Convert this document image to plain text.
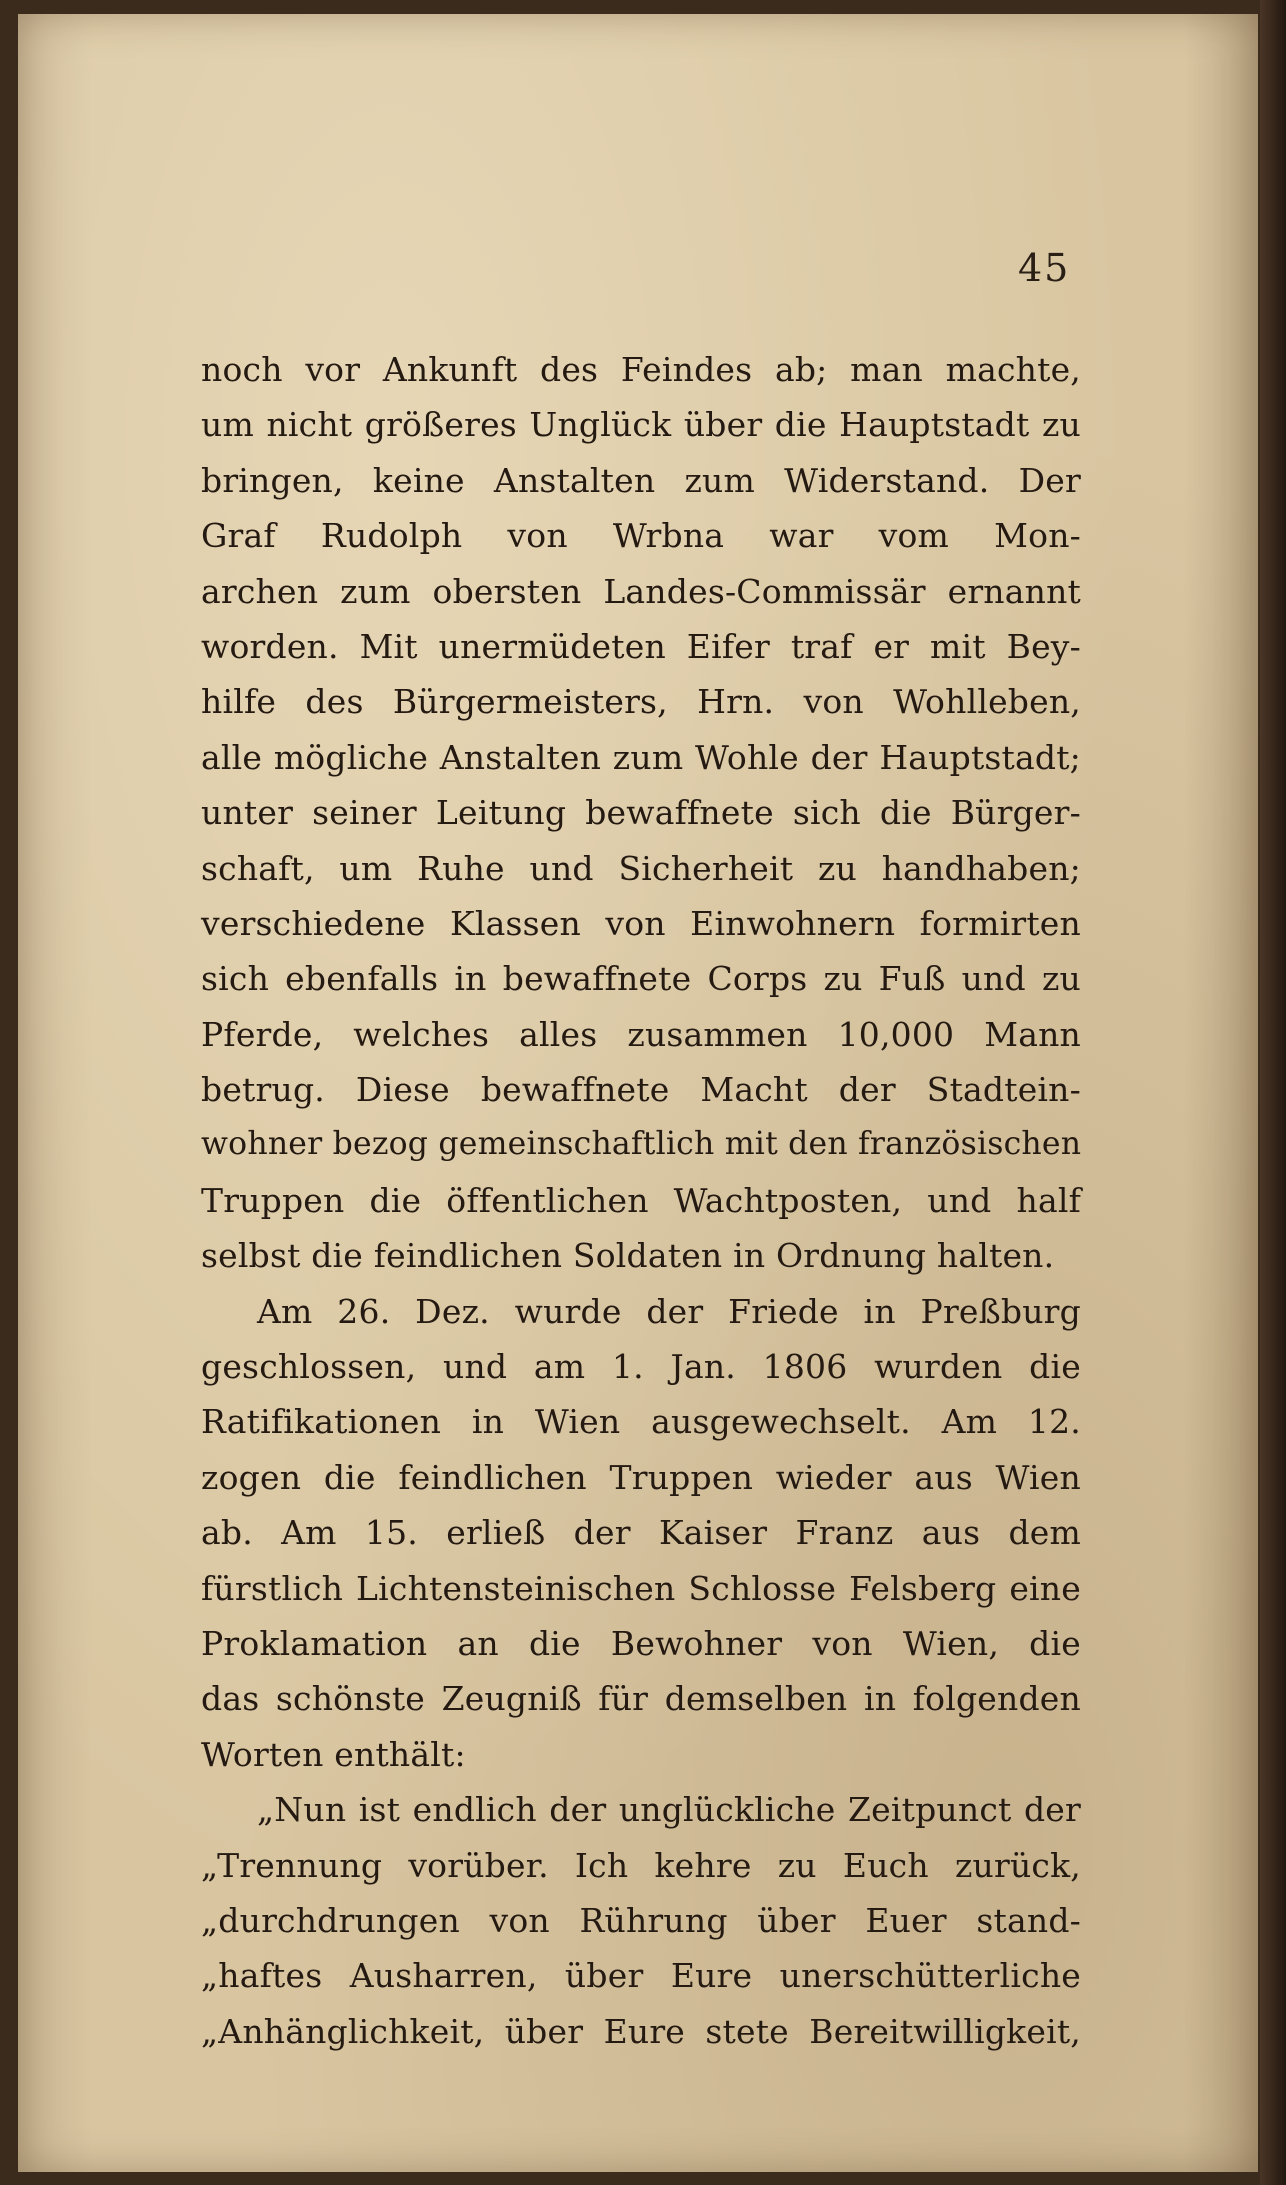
45
noch vor Ankunft des Feindes ab; man machte,
um nicht größeres Unglück über die Hauptstadt zu
bringen, keine Anstalten zum Widerstand. Der
Graf Rudolph von Wrbna war vom Mon-
archen zum obersten Landes-Commissär ernannt
worden. Mit unermüdeten Eifer traf er mit Bey-
hilfe des Bürgermeisters, Hrn. von Wohlleben,
alle mögliche Anstalten zum Wohle der Hauptstadt;
unter seiner Leitung bewaffnete sich die Bürger-
schaft, um Ruhe und Sicherheit zu handhaben;
verschiedene Klassen von Einwohnern formirten
sich ebenfalls in bewaffnete Corps zu Fuß und zu
Pferde, welches alles zusammen 10,000 Mann
betrug. Diese bewaffnete Macht der Stadtein-
wohner bezog gemeinschaftlich mit den französischen
Truppen die öffentlichen Wachtposten, und half
selbst die feindlichen Soldaten in Ordnung halten.
Am 26. Dez. wurde der Friede in Preßburg
geschlossen, und am 1. Jan. 1806 wurden die
Ratifikationen in Wien ausgewechselt. Am 12.
zogen die feindlichen Truppen wieder aus Wien
ab. Am 15. erließ der Kaiser Franz aus dem
fürstlich Lichtensteinischen Schlosse Felsberg eine
Proklamation an die Bewohner von Wien, die
das schönste Zeugniß für demselben in folgenden
Worten enthält:
„Nun ist endlich der unglückliche Zeitpunct der
„Trennung vorüber. Ich kehre zu Euch zurück,
„durchdrungen von Rührung über Euer stand-
„haftes Ausharren, über Eure unerschütterliche
„Anhänglichkeit, über Eure stete Bereitwilligkeit,
